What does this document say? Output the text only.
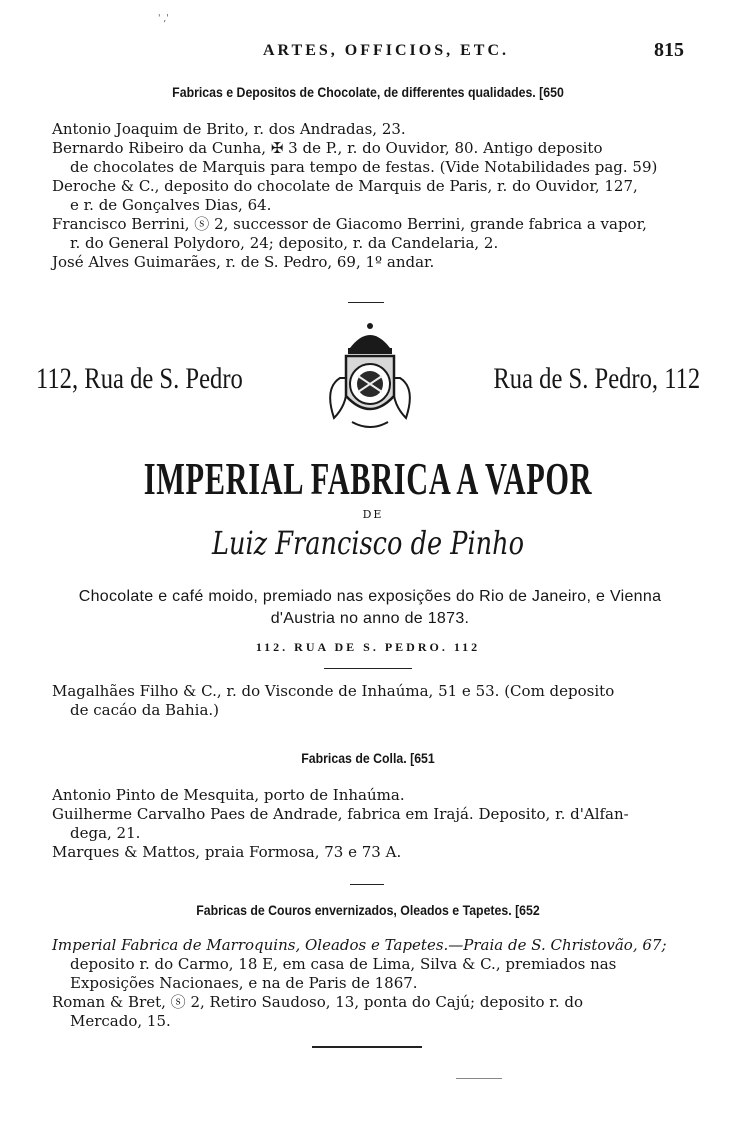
' ,'
ARTES, OFFICIOS, ETC.	815
Fabricas e Depositos de Chocolate, de differentes qualidades. [650

Antonio Joaquim de Brito, r. dos Andradas, 23.

Bernardo Ribeiro da Cunha, ✠ 3 de P., r. do Ouvidor, 80. Antigo deposito
de chocolates de Marquis para tempo de festas. (Vide Notabilidades pag. 59)

Deroche & C., deposito do chocolate de Marquis de Paris, r. do Ouvidor, 127,
e r. de Gonçalves Dias, 64.

Francisco Berrini, ⓢ 2, successor de Giacomo Berrini, grande fabrica a vapor,
r. do General Polydoro, 24; deposito, r. da Candelaria, 2.

José Alves Guimarães, r. de S. Pedro, 69, 1º andar.

112, Rua de S. Pedro	Rua de S. Pedro, 112
IMPERIAL FABRICA A VAPOR
DE
Luiz Francisco de Pinho
Chocolate e café moido, premiado nas exposições do Rio de Janeiro, e Vienna d'Austria no anno de 1873.
112. RUA DE S. PEDRO. 112

Magalhães Filho & C., r. do Visconde de Inhaúma, 51 e 53. (Com deposito
de cacáo da Bahia.)

Fabricas de Colla. [651

Antonio Pinto de Mesquita, porto de Inhaúma.

Guilherme Carvalho Paes de Andrade, fabrica em Irajá. Deposito, r. d'Alfan-
dega, 21.

Marques & Mattos, praia Formosa, 73 e 73 A.

Fabricas de Couros envernizados, Oleados e Tapetes. [652

Imperial Fabrica de Marroquins, Oleados e Tapetes.—Praia de S. Christovão, 67;
deposito r. do Carmo, 18 E, em casa de Lima, Silva & C., premiados nas Exposições Nacionaes, e na de Paris de 1867.

Roman & Bret, ⓢ 2, Retiro Saudoso, 13, ponta do Cajú; deposito r. do
Mercado, 15.
